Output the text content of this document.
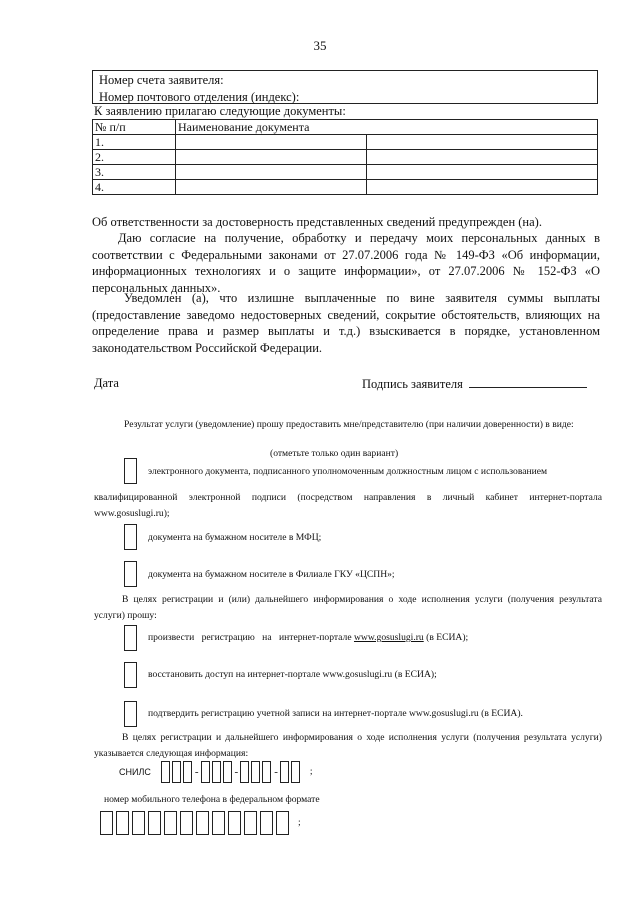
35
Номер счета заявителя:
Номер почтового отделения (индекс):
К заявлению прилагаю следующие документы:
№ п/п	Наименование документа	
1.		
2.		
3.		
4.		
Об ответственности за достоверность представленных сведений предупрежден (на).
Даю согласие на получение, обработку и передачу моих персональных данных в соответствии с Федеральными законами от 27.07.2006 года № 149-ФЗ «Об информации, информационных технологиях и о защите информации», от 27.07.2006 № 152-ФЗ «О персональных данных».
Уведомлен (а), что излишне выплаченные по вине заявителя суммы выплаты (предоставление заведомо недостоверных сведений, сокрытие обстоятельств, влияющих на определение права и размер выплаты и т.д.) взыскивается в порядке, установленном законодательством Российской Федерации.
Дата	Подпись заявителя
Результат услуги (уведомление) прошу предоставить мне/представителю (при наличии доверенности) в виде:
(отметьте только один вариант)
электронного документа, подписанного уполномоченным должностным лицом с использованием
квалифицированной электронной подписи (посредством направления в личный кабинет интернет-портала www.gosuslugi.ru);
документа на бумажном носителе в МФЦ;
документа на бумажном носителе в Филиале ГКУ «ЦСПН»;
В целях регистрации и (или) дальнейшего информирования о ходе исполнения услуги (получения результата услуги) прошу:
произвести регистрацию на интернет-портале www.gosuslugi.ru (в ЕСИА);
восстановить доступ на интернет-портале www.gosuslugi.ru (в ЕСИА);
подтвердить регистрацию учетной записи на интернет-портале www.gosuslugi.ru (в ЕСИА).
В целях регистрации и дальнейшего информирования о ходе исполнения услуги (получения результата услуги) указывается следующая информация:
СНИЛС	-	-	-	;
номер мобильного телефона в федеральном формате
;
